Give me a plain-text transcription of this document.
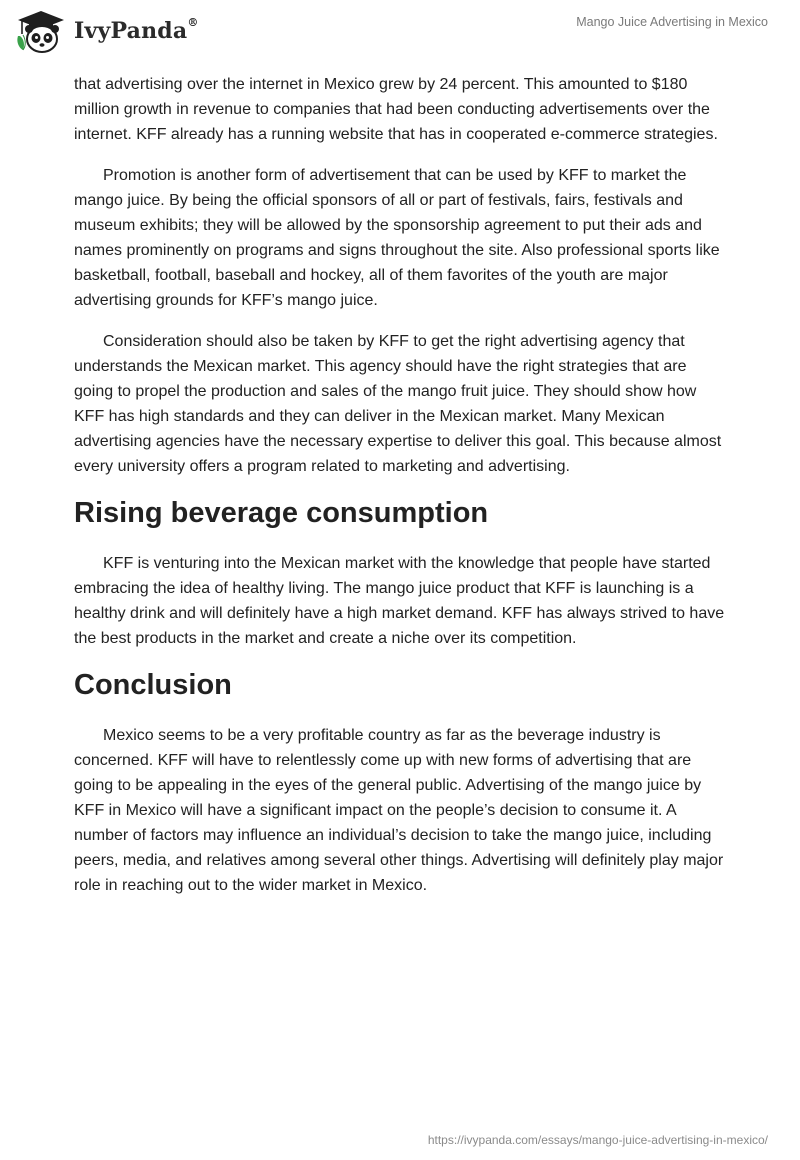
IvyPanda®	Mango Juice Advertising in Mexico

that advertising over the internet in Mexico grew by 24 percent. This amounted to $180 million growth in revenue to companies that had been conducting advertisements over the internet. KFF already has a running website that has in cooperated e-commerce strategies.

Promotion is another form of advertisement that can be used by KFF to market the mango juice. By being the official sponsors of all or part of festivals, fairs, festivals and museum exhibits; they will be allowed by the sponsorship agreement to put their ads and names prominently on programs and signs throughout the site. Also professional sports like basketball, football, baseball and hockey, all of them favorites of the youth are major advertising grounds for KFF’s mango juice.

Consideration should also be taken by KFF to get the right advertising agency that understands the Mexican market. This agency should have the right strategies that are going to propel the production and sales of the mango fruit juice. They should show how KFF has high standards and they can deliver in the Mexican market. Many Mexican advertising agencies have the necessary expertise to deliver this goal. This because almost every university offers a program related to marketing and advertising.

Rising beverage consumption

KFF is venturing into the Mexican market with the knowledge that people have started embracing the idea of healthy living. The mango juice product that KFF is launching is a healthy drink and will definitely have a high market demand. KFF has always strived to have the best products in the market and create a niche over its competition.

Conclusion

Mexico seems to be a very profitable country as far as the beverage industry is concerned. KFF will have to relentlessly come up with new forms of advertising that are going to be appealing in the eyes of the general public. Advertising of the mango juice by KFF in Mexico will have a significant impact on the people’s decision to consume it. A number of factors may influence an individual’s decision to take the mango juice, including peers, media, and relatives among several other things. Advertising will definitely play major role in reaching out to the wider market in Mexico.

https://ivypanda.com/essays/mango-juice-advertising-in-mexico/
